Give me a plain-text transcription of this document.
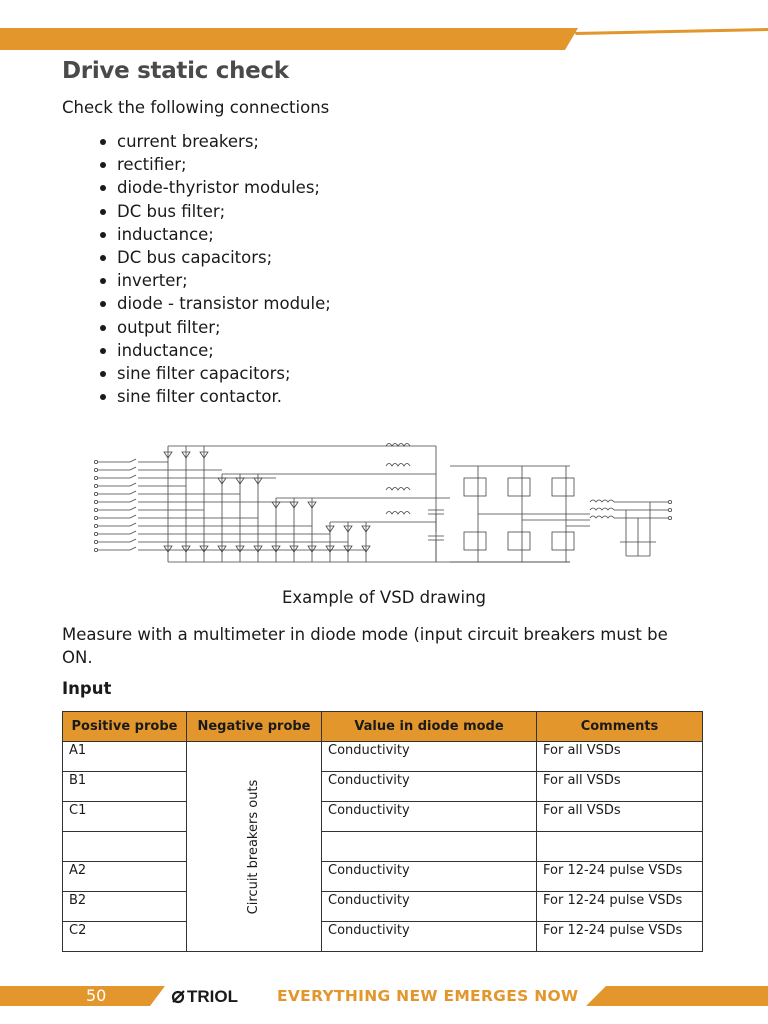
Drive static check
Check the following connections
current breakers;
rectifier;
diode-thyristor modules;
DC bus filter;
inductance;
DC bus capacitors;
inverter;
diode - transistor module;
output filter;
inductance;
sine filter capacitors;
sine filter contactor.
Example of VSD drawing
Measure with a multimeter in diode mode (input circuit breakers must be ON.
Input
Positive probe	Negative probe	Value in diode mode	Comments
A1	Circuit breakers outs	Conductivity	For all VSDs
B1		Conductivity	For all VSDs
C1		Conductivity	For all VSDs

A2		Conductivity	For 12-24 pulse VSDs
B2		Conductivity	For 12-24 pulse VSDs
C2		Conductivity	For 12-24 pulse VSDs
50	TRIOL	EVERYTHING NEW EMERGES NOW
